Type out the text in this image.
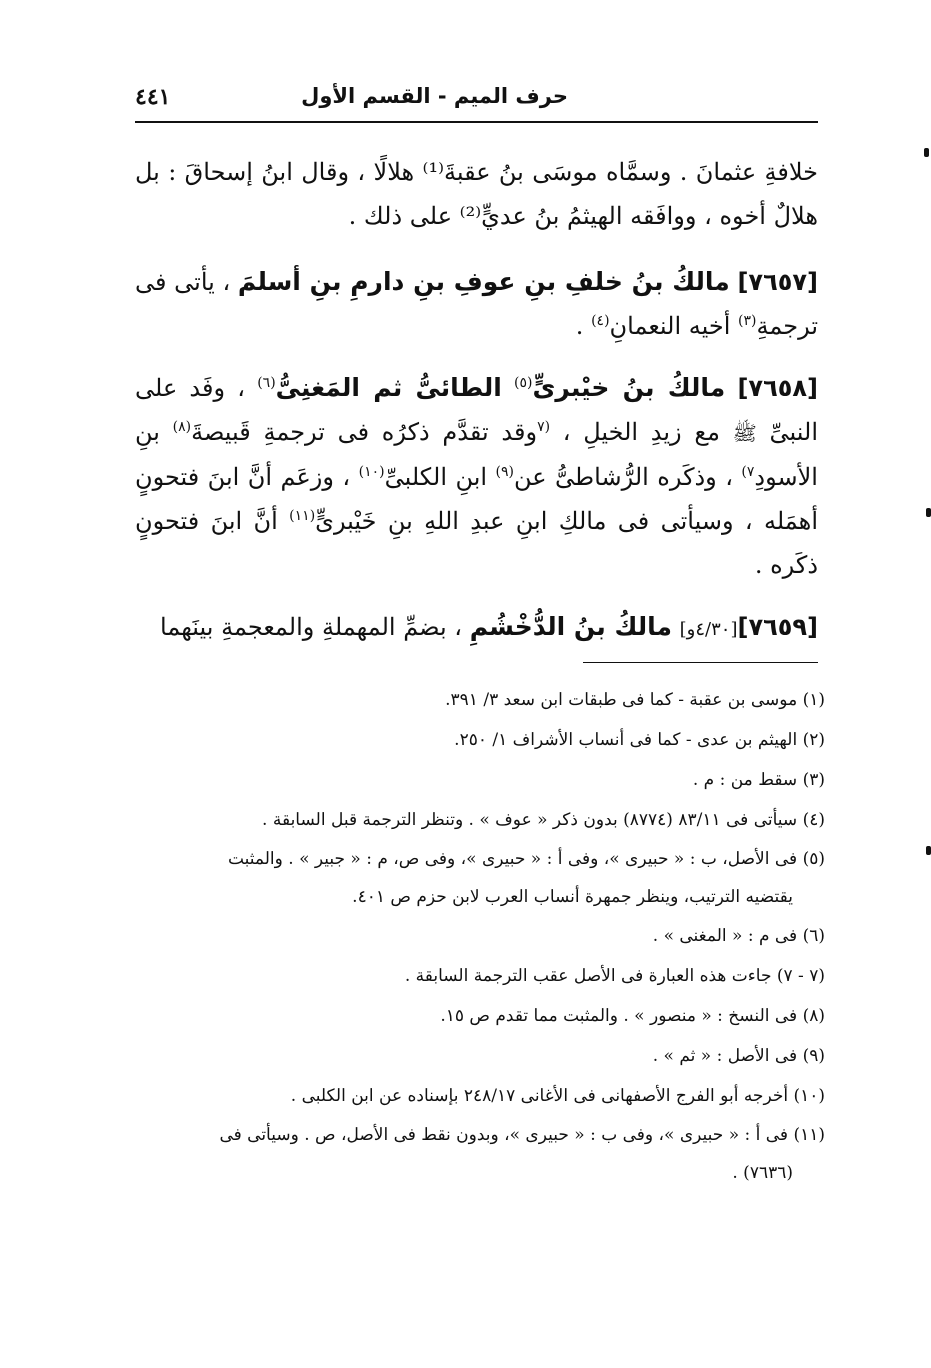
حرف الميم - القسم الأول
٤٤١

خلافةِ عثمانَ . وسمَّاه موسَى بنُ عقبةَ⁽¹⁾ هلالًا ، وقال ابنُ إسحاقَ : بل هلالٌ أخوه ، ووافَقه الهيثمُ بنُ عديٍّ⁽²⁾ على ذلك .

[٧٦٥٧] مالكُ بنُ خلفِ بنِ عوفِ بنِ دارمِ بنِ أسلمَ ، يأتى فى ترجمةِ$^{(٣)}$ أخيه النعمانِ$^{(٤)}$ .

[٧٦٥٨] مالكُ بنُ خيْبرىٍّ$^{(٥)}$ الطائىُّ ثم المَغنِىُّ$^{(٦)}$ ، وفَد على النبىِّ ﷺ مع زيدِ الخيلِ ، $^{(٧}$وقد تقدَّم ذكرُه فى ترجمةِ قَبيصةَ$^{(٨)}$ بنِ الأسودِ$^{٧)}$ ، وذكَره الرُّشاطىُّ عن$^{(٩)}$ ابنِ الكلبىِّ$^{(١٠)}$ ، وزعَم أنَّ ابنَ فتحونٍ أهمَله ، وسيأتى فى مالكِ ابنِ عبدِ اللهِ بنِ خَيْبرىٍّ$^{(١١)}$ أنَّ ابنَ فتحونٍ ذكَره .

[٧٦٥٩][٤/٣٠و] مالكُ بنُ الدُّخْشُمِ ، بضمِّ المهملةِ والمعجمةِ بينَهما

(١) موسى بن عقبة - كما فى طبقات ابن سعد ٣/ ٣٩١.

(٢) الهيثم بن عدى - كما فى أنساب الأشراف ١/ ٢٥٠.

(٣) سقط من : م .

(٤) سيأتى فى ٨٣/١١ (٨٧٧٤) بدون ذكر « عوف » . وتنظر الترجمة قبل السابقة .

(٥) فى الأصل، ب : « حبيرى »، وفى أ : « حبيرى »، وفى ص، م : « جبير » . والمثبت
يقتضيه الترتيب، وينظر جمهرة أنساب العرب لابن حزم ص ٤٠١.

(٦) فى م : « المغنى » .

(٧ - ٧) جاءت هذه العبارة فى الأصل عقب الترجمة السابقة .

(٨) فى النسخ : « منصور » . والمثبت مما تقدم ص ١٥.

(٩) فى الأصل : « ثم » .

(١٠) أخرجه أبو الفرج الأصفهانى فى الأغانى ٢٤٨/١٧ بإسناده عن ابن الكلبى .

(١١) فى أ : « حبيرى »، وفى ب : « حبيرى »، وبدون نقط فى الأصل، ص . وسيأتى فى
(٧٦٣٦) .
